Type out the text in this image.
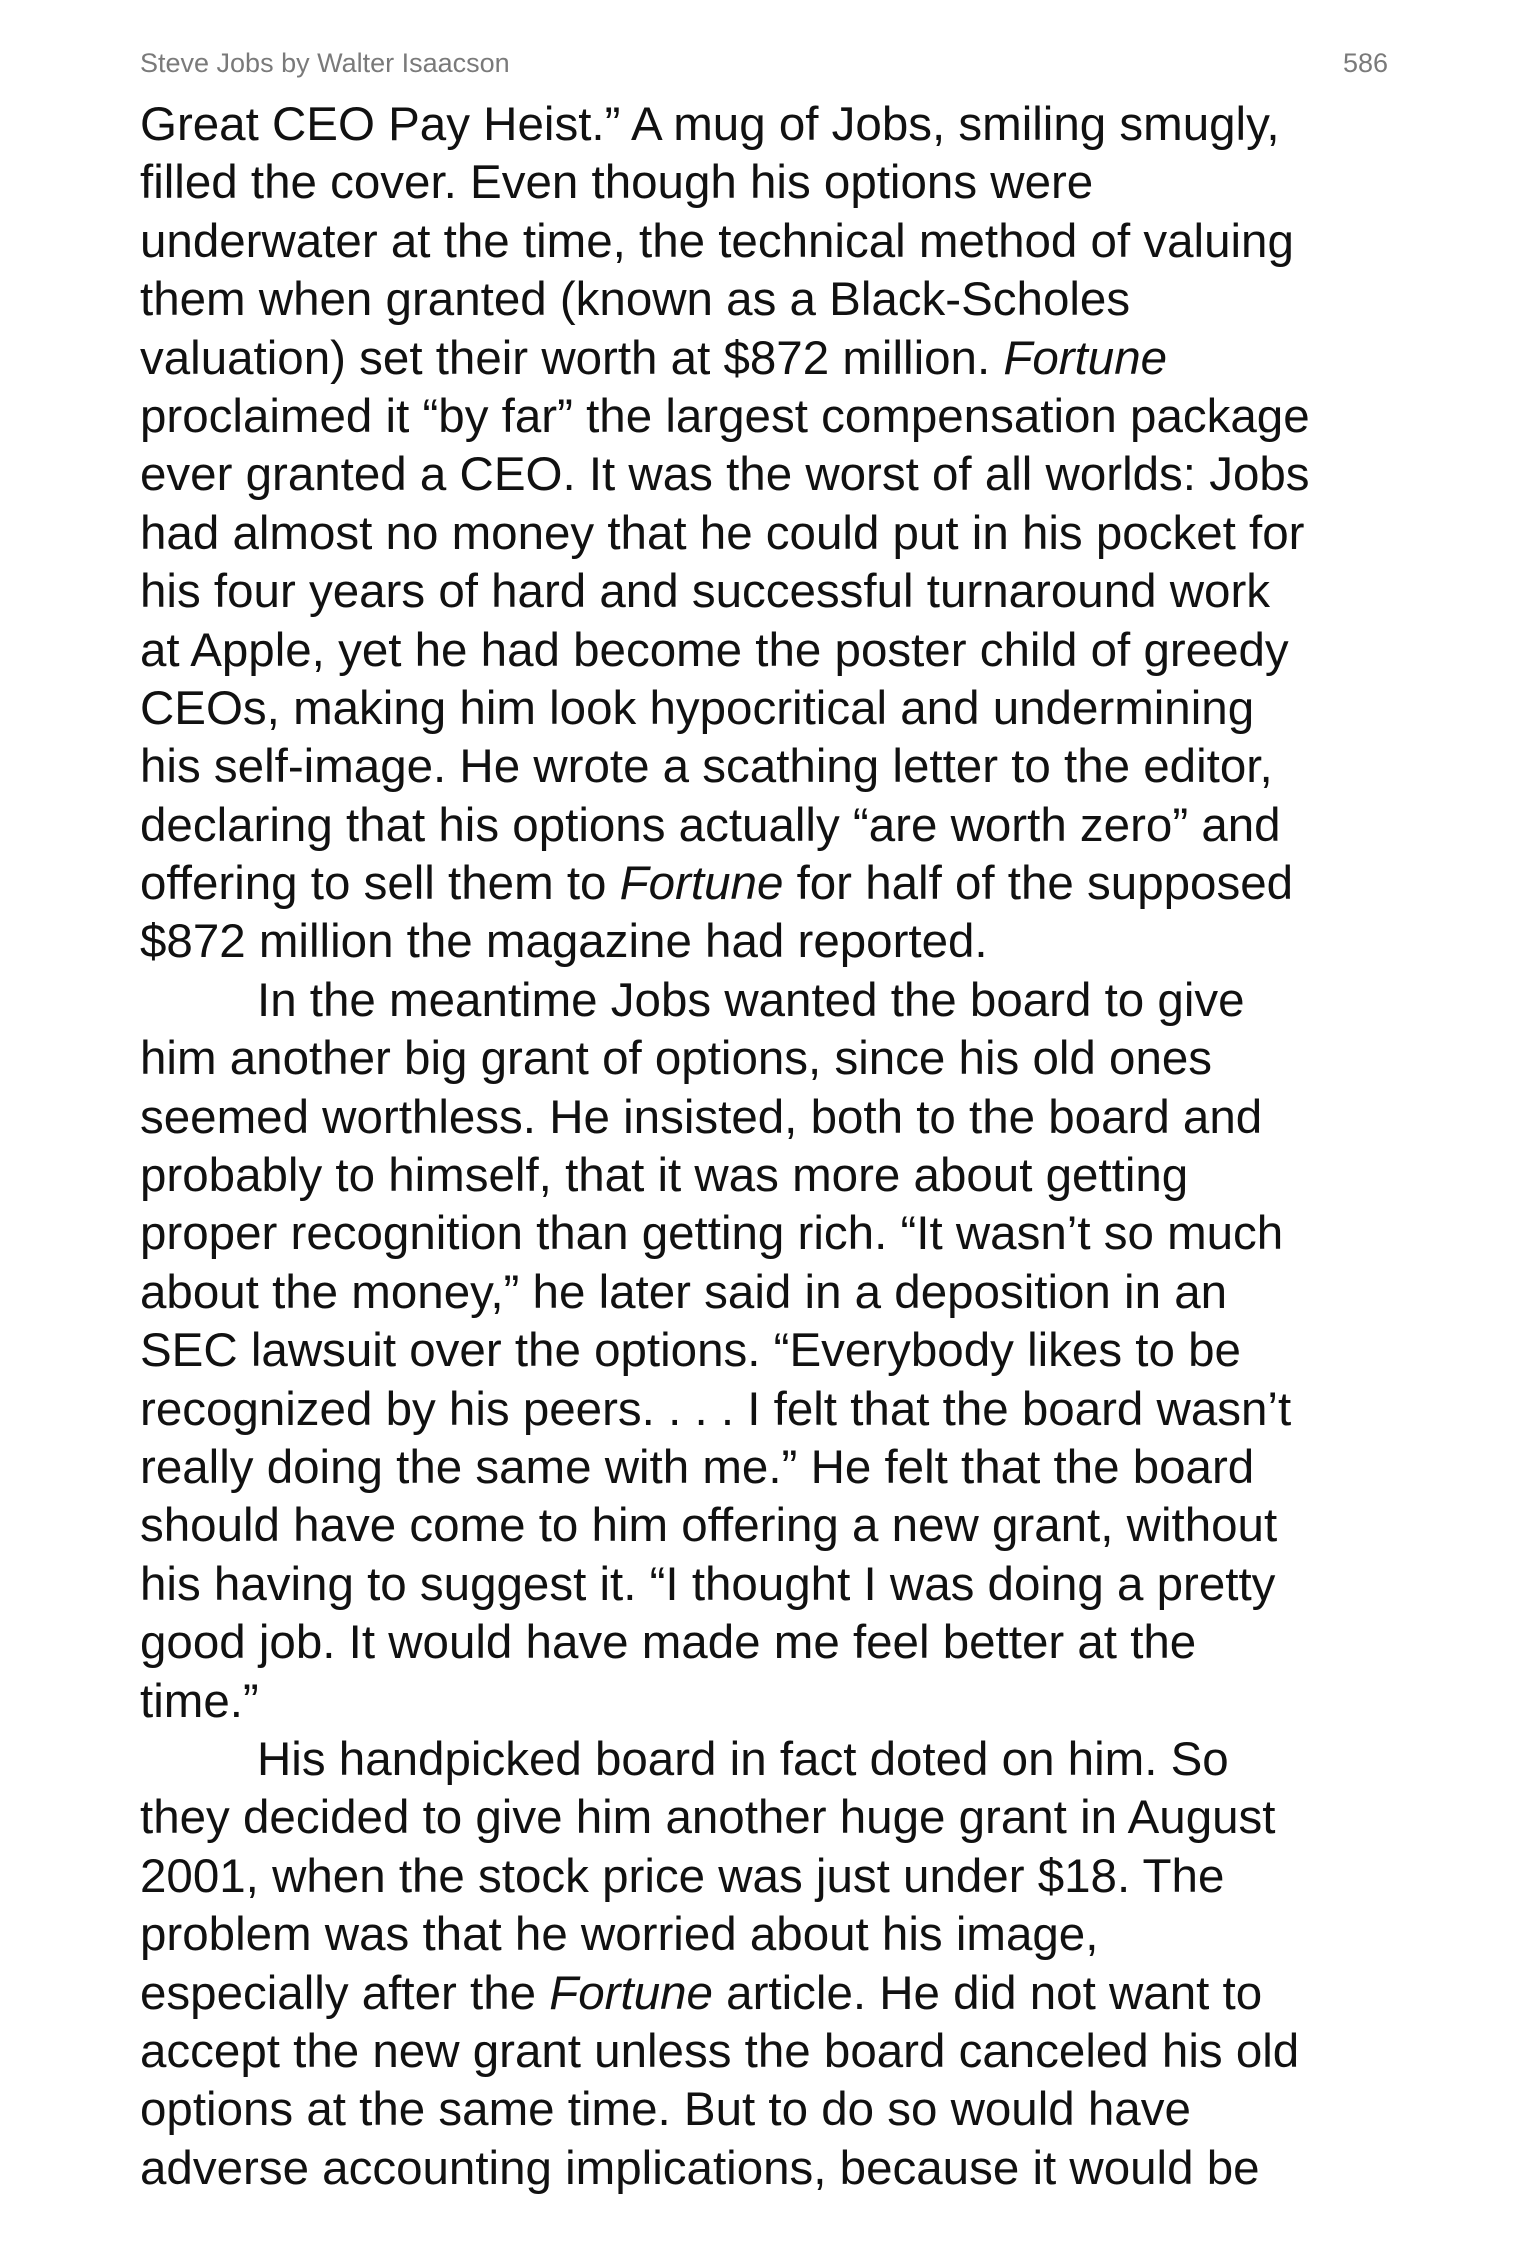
Steve Jobs by Walter Isaacson	586
Great CEO Pay Heist.” A mug of Jobs, smiling smugly,
filled the cover. Even though his options were
underwater at the time, the technical method of valuing
them when granted (known as a Black-Scholes
valuation) set their worth at $872 million. Fortune
proclaimed it “by far” the largest compensation package
ever granted a CEO. It was the worst of all worlds: Jobs
had almost no money that he could put in his pocket for
his four years of hard and successful turnaround work
at Apple, yet he had become the poster child of greedy
CEOs, making him look hypocritical and undermining
his self-image. He wrote a scathing letter to the editor,
declaring that his options actually “are worth zero” and
offering to sell them to Fortune for half of the supposed
$872 million the magazine had reported.
In the meantime Jobs wanted the board to give
him another big grant of options, since his old ones
seemed worthless. He insisted, both to the board and
probably to himself, that it was more about getting
proper recognition than getting rich. “It wasn’t so much
about the money,” he later said in a deposition in an
SEC lawsuit over the options. “Everybody likes to be
recognized by his peers. . . . I felt that the board wasn’t
really doing the same with me.” He felt that the board
should have come to him offering a new grant, without
his having to suggest it. “I thought I was doing a pretty
good job. It would have made me feel better at the
time.”
His handpicked board in fact doted on him. So
they decided to give him another huge grant in August
2001, when the stock price was just under $18. The
problem was that he worried about his image,
especially after the Fortune article. He did not want to
accept the new grant unless the board canceled his old
options at the same time. But to do so would have
adverse accounting implications, because it would be
